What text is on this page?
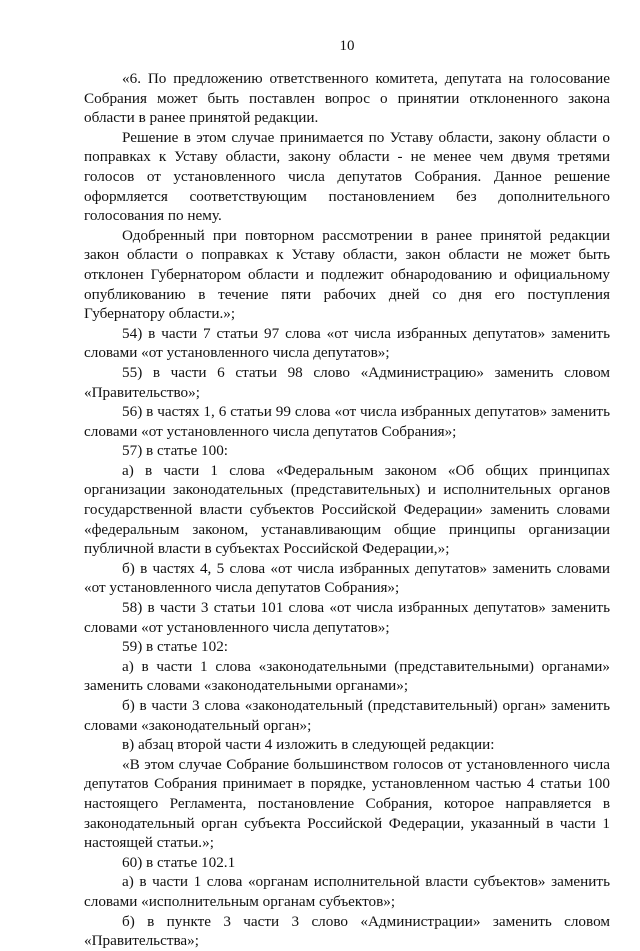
10

«6. По предложению ответственного комитета, депутата на голосование Собрания может быть поставлен вопрос о принятии отклоненного закона области в ранее принятой редакции.

Решение в этом случае принимается по Уставу области, закону области о поправках к Уставу области, закону области - не менее чем двумя третями голосов от установленного числа депутатов Собрания. Данное решение оформляется соответствующим постановлением без дополнительного голосования по нему.

Одобренный при повторном рассмотрении в ранее принятой редакции закон области о поправках к Уставу области, закон области не может быть отклонен Губернатором области и подлежит обнародованию и официальному опубликованию в течение пяти рабочих дней со дня его поступления Губернатору области.»;

54) в части 7 статьи 97 слова «от числа избранных депутатов» заменить словами «от установленного числа депутатов»;

55) в части 6 статьи 98 слово «Администрацию» заменить словом «Правительство»;

56) в частях 1, 6 статьи 99 слова «от числа избранных депутатов» заменить словами «от установленного числа депутатов Собрания»;

57) в статье 100:

а) в части 1 слова «Федеральным законом «Об общих принципах организации законодательных (представительных) и исполнительных органов государственной власти субъектов Российской Федерации» заменить словами «федеральным законом, устанавливающим общие принципы организации публичной власти в субъектах Российской Федерации,»;

б) в частях 4, 5 слова «от числа избранных депутатов» заменить словами «от установленного числа депутатов Собрания»;

58) в части 3 статьи 101 слова «от числа избранных депутатов» заменить словами «от установленного числа депутатов»;

59) в статье 102:

а) в части 1 слова «законодательными (представительными) органами» заменить словами «законодательными органами»;

б) в части 3 слова «законодательный (представительный) орган» заменить словами «законодательный орган»;

в) абзац второй части 4 изложить в следующей редакции:

«В этом случае Собрание большинством голосов от установленного числа депутатов Собрания принимает в порядке, установленном частью 4 статьи 100 настоящего Регламента, постановление Собрания, которое направляется в законодательный орган субъекта Российской Федерации, указанный в части 1 настоящей статьи.»;

60) в статье 102.1

а) в части 1 слова «органам исполнительной власти субъектов» заменить словами «исполнительным органам субъектов»;

б) в пункте 3 части 3 слово «Администрации» заменить словом «Правительства»;
